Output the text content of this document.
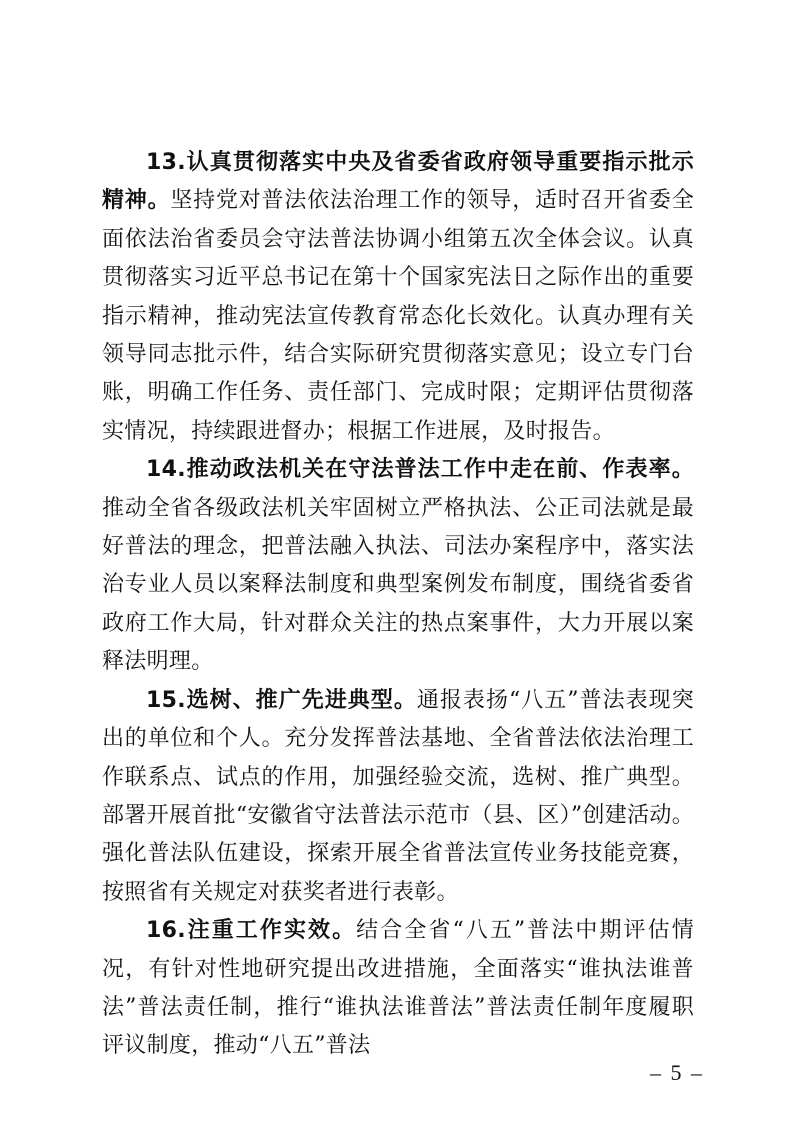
13.认真贯彻落实中央及省委省政府领导重要指示批示精神。坚持党对普法依法治理工作的领导，适时召开省委全面依法治省委员会守法普法协调小组第五次全体会议。认真贯彻落实习近平总书记在第十个国家宪法日之际作出的重要指示精神，推动宪法宣传教育常态化长效化。认真办理有关领导同志批示件，结合实际研究贯彻落实意见；设立专门台账，明确工作任务、责任部门、完成时限；定期评估贯彻落实情况，持续跟进督办；根据工作进展，及时报告。

14.推动政法机关在守法普法工作中走在前、作表率。推动全省各级政法机关牢固树立严格执法、公正司法就是最好普法的理念，把普法融入执法、司法办案程序中，落实法治专业人员以案释法制度和典型案例发布制度，围绕省委省政府工作大局，针对群众关注的热点案事件，大力开展以案释法明理。

15.选树、推广先进典型。通报表扬“八五”普法表现突出的单位和个人。充分发挥普法基地、全省普法依法治理工作联系点、试点的作用，加强经验交流，选树、推广典型。部署开展首批“安徽省守法普法示范市（县、区）”创建活动。强化普法队伍建设，探索开展全省普法宣传业务技能竞赛，按照省有关规定对获奖者进行表彰。

16.注重工作实效。结合全省“八五”普法中期评估情况，有针对性地研究提出改进措施，全面落实“谁执法谁普法”普法责任制，推行“谁执法谁普法”普法责任制年度履职评议制度，推动“八五”普法

– 5 –
